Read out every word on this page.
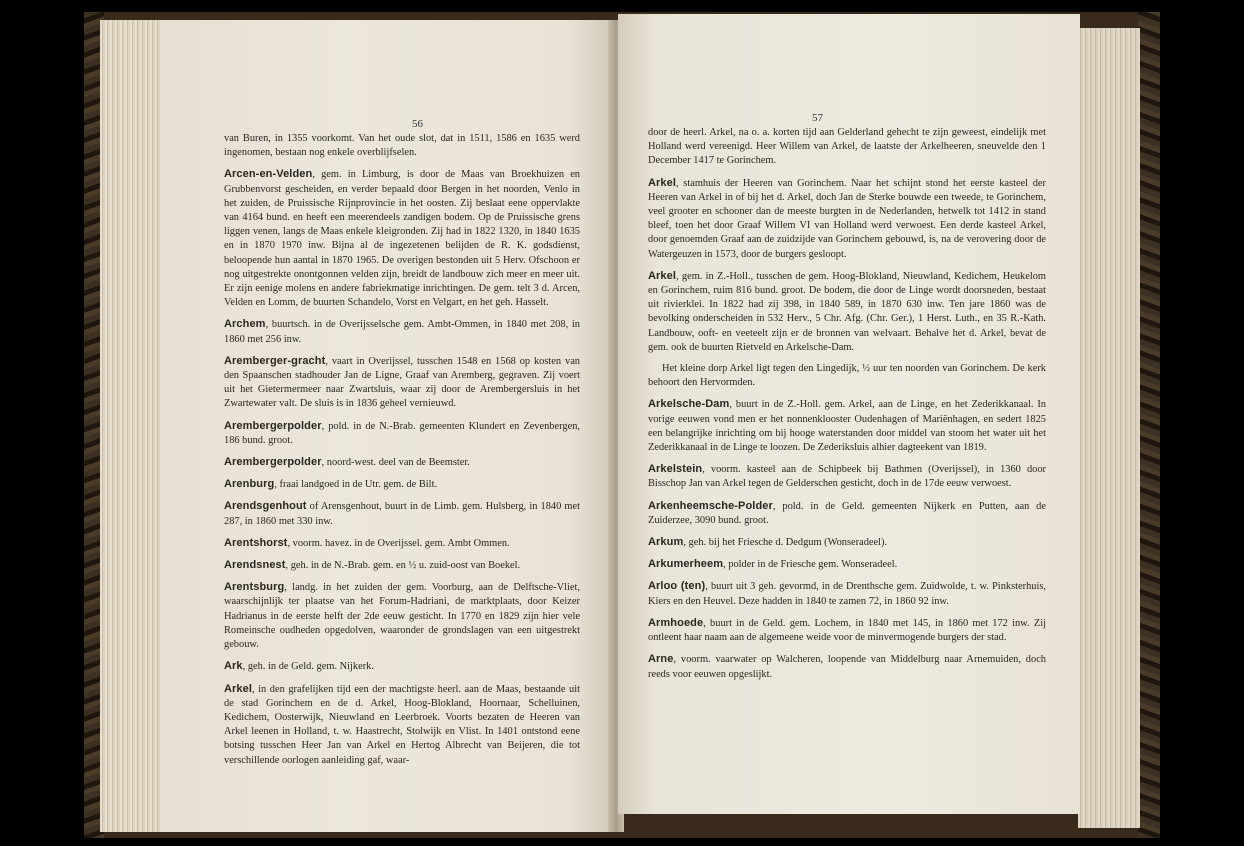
56

van Buren, in 1355 voorkomt. Van het oude slot, dat in 1511, 1586 en 1635 werd ingenomen, bestaan nog enkele overblijfselen.

Arcen-en-Velden, gem. in Limburg, is door de Maas van Broekhuizen en Grubbenvorst gescheiden, en verder bepaald door Bergen in het noorden, Venlo in het zuiden, de Pruissische Rijnprovincie in het oosten. Zij beslaat eene oppervlakte van 4164 bund. en heeft een meerendeels zandigen bodem. Op de Pruissische grens liggen venen, langs de Maas enkele kleigronden. Zij had in 1822 1320, in 1840 1635 en in 1870 1970 inw. Bijna al de ingezetenen belijden de R. K. godsdienst, beloopende hun aantal in 1870 1965. De overigen bestonden uit 5 Herv. Ofschoon er nog uitgestrekte onontgonnen velden zijn, breidt de landbouw zich meer en meer uit. Er zijn eenige molens en andere fabriekmatige inrichtingen. De gem. telt 3 d. Arcen, Velden en Lomm, de buurten Schandelo, Vorst en Velgart, en het geh. Hasselt.

Archem, buurtsch. in de Overijsselsche gem. Ambt-Ommen, in 1840 met 208, in 1860 met 256 inw.

Aremberger-gracht, vaart in Overijssel, tusschen 1548 en 1568 op kosten van den Spaanschen stadhouder Jan de Ligne, Graaf van Aremberg, gegraven. Zij voert uit het Gietermermeer naar Zwartsluis, waar zij door de Arembergersluis in het Zwartewater valt. De sluis is in 1836 geheel vernieuwd.

Arembergerpolder, pold. in de N.-Brab. gemeenten Klundert en Zevenbergen, 186 bund. groot.

Arembergerpolder, noord-west. deel van de Beemster.

Arenburg, fraai landgoed in de Utr. gem. de Bilt.

Arendsgenhout of Arensgenhout, buurt in de Limb. gem. Hulsberg, in 1840 met 287, in 1860 met 330 inw.

Arentshorst, voorm. havez. in de Overijssel. gem. Ambt Ommen.

Arendsnest, geh. in de N.-Brab. gem. en ½ u. zuid-oost van Boekel.

Arentsburg, landg. in het zuiden der gem. Voorburg, aan de Delftsche-Vliet, waarschijnlijk ter plaatse van het Forum-Hadriani, de marktplaats, door Keizer Hadrianus in de eerste helft der 2de eeuw gesticht. In 1770 en 1829 zijn hier vele Romeinsche oudheden opgedolven, waaronder de grondslagen van een uitgestrekt gebouw.

Ark, geh. in de Geld. gem. Nijkerk.

Arkel, in den grafelijken tijd een der machtigste heerl. aan de Maas, bestaande uit de stad Gorinchem en de d. Arkel, Hoog-Blokland, Hoornaar, Schelluinen, Kedichem, Oosterwijk, Nieuwland en Leerbroek. Voorts bezaten de Heeren van Arkel leenen in Holland, t. w. Haastrecht, Stolwijk en Vlist. In 1401 ontstond eene botsing tusschen Heer Jan van Arkel en Hertog Albrecht van Beijeren, die tot verschillende oorlogen aanleiding gaf, waar-

57

door de heerl. Arkel, na o. a. korten tijd aan Gelderland gehecht te zijn geweest, eindelijk met Holland werd vereenigd. Heer Willem van Arkel, de laatste der Arkelheeren, sneuvelde den 1 December 1417 te Gorinchem.

Arkel, stamhuis der Heeren van Gorinchem. Naar het schijnt stond het eerste kasteel der Heeren van Arkel in of bij het d. Arkel, doch Jan de Sterke bouwde een tweede, te Gorinchem, veel grooter en schooner dan de meeste burgten in de Nederlanden, hetwelk tot 1412 in stand bleef, toen het door Graaf Willem VI van Holland werd verwoest. Een derde kasteel Arkel, door genoemden Graaf aan de zuidzijde van Gorinchem gebouwd, is, na de verovering door de Watergeuzen in 1573, door de burgers gesloopt.

Arkel, gem. in Z.-Holl., tusschen de gem. Hoog-Blokland, Nieuwland, Kedichem, Heukelom en Gorinchem, ruim 816 bund. groot. De bodem, die door de Linge wordt doorsneden, bestaat uit rivierklei. In 1822 had zij 398, in 1840 589, in 1870 630 inw. Ten jare 1860 was de bevolking onderscheiden in 532 Herv., 5 Chr. Afg. (Chr. Ger.), 1 Herst. Luth., en 35 R.-Kath. Landbouw, ooft- en veeteelt zijn er de bronnen van welvaart. Behalve het d. Arkel, bevat de gem. ook de buurten Rietveld en Arkelsche-Dam.

Het kleine dorp Arkel ligt tegen den Lingedijk, ½ uur ten noorden van Gorinchem. De kerk behoort den Hervormden.

Arkelsche-Dam, buurt in de Z.-Holl. gem. Arkel, aan de Linge, en het Zederikkanaal. In vorige eeuwen vond men er het nonnenklooster Oudenhagen of Mariënhagen, en sedert 1825 een belangrijke inrichting om bij hooge waterstanden door middel van stoom het water uit het Zederikkanaal in de Linge te loozen. De Zederiksluis alhier dagteekent van 1819.

Arkelstein, voorm. kasteel aan de Schipbeek bij Bathmen (Overijssel), in 1360 door Bisschop Jan van Arkel tegen de Gelderschen gesticht, doch in de 17de eeuw verwoest.

Arkenheemsche-Polder, pold. in de Geld. gemeenten Nijkerk en Putten, aan de Zuiderzee, 3090 bund. groot.

Arkum, geh. bij het Friesche d. Dedgum (Wonseradeel).

Arkumerheem, polder in de Friesche gem. Wonseradeel.

Arloo (ten), buurt uit 3 geh. gevormd, in de Drenthsche gem. Zuidwolde, t. w. Pinksterhuis, Kiers en den Heuvel. Deze hadden in 1840 te zamen 72, in 1860 92 inw.

Armhoede, buurt in de Geld. gem. Lochem, in 1840 met 145, in 1860 met 172 inw. Zij ontleent haar naam aan de algemeene weide voor de minvermogende burgers der stad.

Arne, voorm. vaarwater op Walcheren, loopende van Middelburg naar Arnemuiden, doch reeds voor eeuwen opgeslijkt.
